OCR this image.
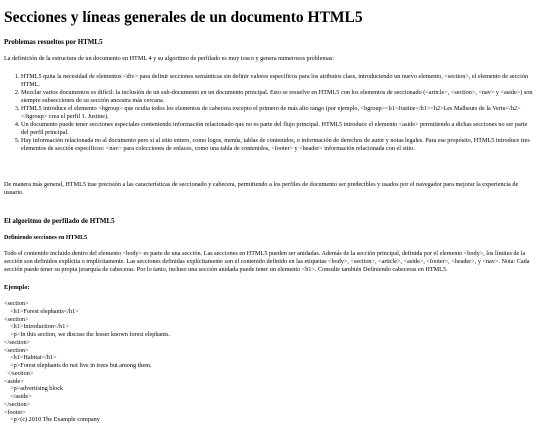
Secciones y líneas generales de un documento HTML5
Problemas resueltos por HTML5

La definición de la estructura de un documento en HTML 4 y su algoritmo de perfilado es muy tosco y genera numerosos problemas:

1. HTML5 quita la necesidad de elementos <div> para definir secciones semánticas sin definir valores específicos para los atributos class, introduciendo un nuevo elemento, <section>, el elemento de sección HTML.
2. Mezclar varios documentos es difícil: la inclusión de un sub-documento en un documento principal. Esto se resuelve en HTML5 con los elementos de seccionado (<article>, <section>, <nav> y <aside>) son siempre subsecciones de su sección ancestra más cercana.
3. HTML5 introduce el elemento <hgroup> que oculta todos los elementos de cabecera excepto el primero de más alto rango (por ejemplo, <hgroup><h1>Justine</h1><h2>Les Malheurs de la Vertu</h2></hgroup> crea el perfil 1. Justine).
4. Un documento puede tener secciones especiales conteniendo información relacionado que no es parte del flujo principal. HTML5 introduce el elemento <aside> permitiendo a dichas secciones no ser parte del perfil principal.
5. Hay información relacionada no al documento pero si al sitio entero, como logos, menús, tablas de contenidos, o información de derechos de autor y notas legales. Para ese propósito, HTML5 introduce tres elementos de sección específicos: <nav> para colecciones de enlaces, como una tabla de contenidos, <footer> y <header> información relacionada con el sitio.

De manera más general, HTML5 trae precisión a las características de seccionado y cabecera, permitiendo a los perfiles de documento ser predecibles y usados por el navegador para mejorar la experiencia de usuario.

El algoritmo de perfilado de HTML5
Definiendo secciones en HTML5

Todo el contenido incluido dentro del elemento <body> es parte de una sección. Las secciones en HTML5 pueden ser anidadas. Además de la sección principal, definida por el elemento <body>, los límites de la sección son definidos explícita o implícitamente. Las secciones definidas explícitamente son el contenido definido en las etiquetas <body>, <section>, <article>, <aside>, <footer>, <header>, y <nav>. Nota: Cada sección puede tener su propia jerarquía de cabeceras. Por lo tanto, incluso una sección anidada puede tener un elemento <h1>. Consulte también Definiendo cabeceras en HTML5.

Ejemplo:
<section>
<h1>Forest elephants</h1>
<section>
<h1>Introduction</h1>
<p>In this section, we discuss the lesser known forest elephants.
</section>
<section>
<h1>Habitat</h1>
<p>Forest elephants do not live in trees but among them.
</section>
<aside>
<p>advertising block
</aside>
</section>
<footer>
<p>(c) 2010 The Example company
